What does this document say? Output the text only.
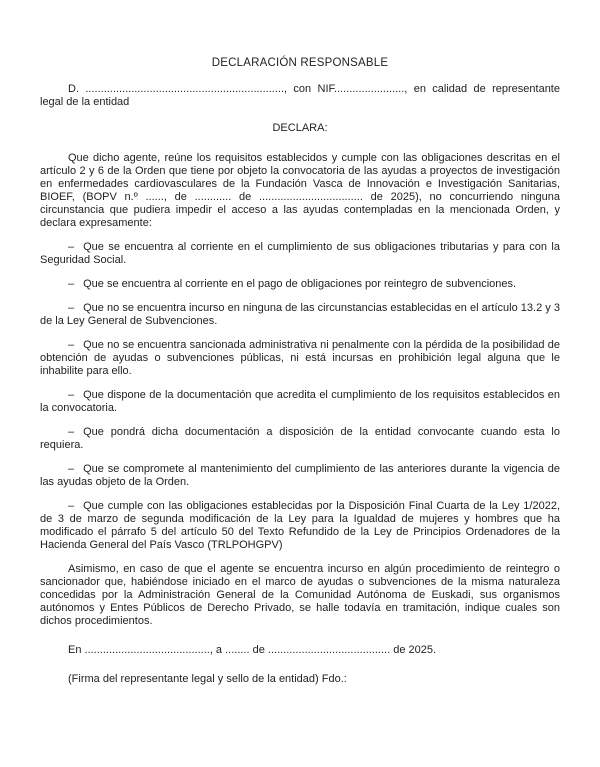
DECLARACIÓN RESPONSABLE

D. ................................................................., con NIF......................., en calidad de representante legal de la entidad

DECLARA:

Que dicho agente, reúne los requisitos establecidos y cumple con las obligaciones descritas en el artículo 2 y 6 de la Orden que tiene por objeto la convocatoria de las ayudas a proyectos de investigación en enfermedades cardiovasculares de la Fundación Vasca de Innovación e Investigación Sanitarias, BIOEF, (BOPV n.º ......, de ............ de .................................. de 2025), no concurriendo ninguna circunstancia que pudiera impedir el acceso a las ayudas contempladas en la mencionada Orden, y declara expresamente:

– Que se encuentra al corriente en el cumplimiento de sus obligaciones tributarias y para con la Seguridad Social.

– Que se encuentra al corriente en el pago de obligaciones por reintegro de subvenciones.

– Que no se encuentra incurso en ninguna de las circunstancias establecidas en el artículo 13.2 y 3 de la Ley General de Subvenciones.

– Que no se encuentra sancionada administrativa ni penalmente con la pérdida de la posibilidad de obtención de ayudas o subvenciones públicas, ni está incursas en prohibición legal alguna que le inhabilite para ello.

– Que dispone de la documentación que acredita el cumplimiento de los requisitos establecidos en la convocatoria.

– Que pondrá dicha documentación a disposición de la entidad convocante cuando esta lo requiera.

– Que se compromete al mantenimiento del cumplimiento de las anteriores durante la vigencia de las ayudas objeto de la Orden.

– Que cumple con las obligaciones establecidas por la Disposición Final Cuarta de la Ley 1/2022, de 3 de marzo de segunda modificación de la Ley para la Igualdad de mujeres y hombres que ha modificado el párrafo 5 del artículo 50 del Texto Refundido de la Ley de Principios Ordenadores de la Hacienda General del País Vasco (TRLPOHGPV)

Asimismo, en caso de que el agente se encuentra incurso en algún procedimiento de reintegro o sancionador que, habiéndose iniciado en el marco de ayudas o subvenciones de la misma naturaleza concedidas por la Administración General de la Comunidad Autónoma de Euskadi, sus organismos autónomos y Entes Públicos de Derecho Privado, se halle todavía en tramitación, indique cuales son dichos procedimientos.

En ........................................., a ........ de ........................................ de 2025.

(Firma del representante legal y sello de la entidad) Fdo.:
